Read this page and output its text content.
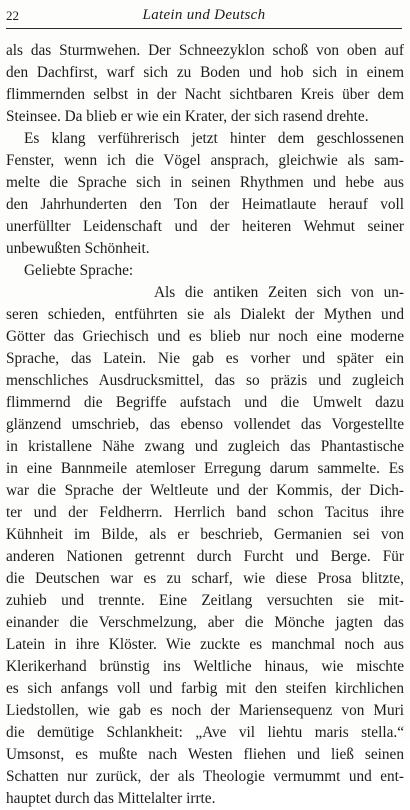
22	Latein und Deutsch
als das Sturmwehen. Der Schneezyklon schoß von oben auf
den Dachfirst, warf sich zu Boden und hob sich in einem
flimmernden selbst in der Nacht sichtbaren Kreis über dem
Steinsee. Da blieb er wie ein Krater, der sich rasend drehte.
Es klang verführerisch jetzt hinter dem geschlossenen
Fenster, wenn ich die Vögel ansprach, gleichwie als sam-
melte die Sprache sich in seinen Rhythmen und hebe aus
den Jahrhunderten den Ton der Heimatlaute herauf voll
unerfüllter Leidenschaft und der heiteren Wehmut seiner
unbewußten Schönheit.
Geliebte Sprache:
Als die antiken Zeiten sich von un-
seren schieden, entführten sie als Dialekt der Mythen und
Götter das Griechisch und es blieb nur noch eine moderne
Sprache, das Latein. Nie gab es vorher und später ein
menschliches Ausdrucksmittel, das so präzis und zugleich
flimmernd die Begriffe aufstach und die Umwelt dazu
glänzend umschrieb, das ebenso vollendet das Vorgestellte
in kristallene Nähe zwang und zugleich das Phantastische
in eine Bannmeile atemloser Erregung darum sammelte. Es
war die Sprache der Weltleute und der Kommis, der Dich-
ter und der Feldherrn. Herrlich band schon Tacitus ihre
Kühnheit im Bilde, als er beschrieb, Germanien sei von
anderen Nationen getrennt durch Furcht und Berge. Für
die Deutschen war es zu scharf, wie diese Prosa blitzte,
zuhieb und trennte. Eine Zeitlang versuchten sie mit-
einander die Verschmelzung, aber die Mönche jagten das
Latein in ihre Klöster. Wie zuckte es manchmal noch aus
Klerikerhand brünstig ins Weltliche hinaus, wie mischte
es sich anfangs voll und farbig mit den steifen kirchlichen
Liedstollen, wie gab es noch der Mariensequenz von Muri
die demütige Schlankheit: „Ave vil liehtu maris stella.“
Umsonst, es mußte nach Westen fliehen und ließ seinen
Schatten nur zurück, der als Theologie vermummt und ent-
hauptet durch das Mittelalter irrte.
